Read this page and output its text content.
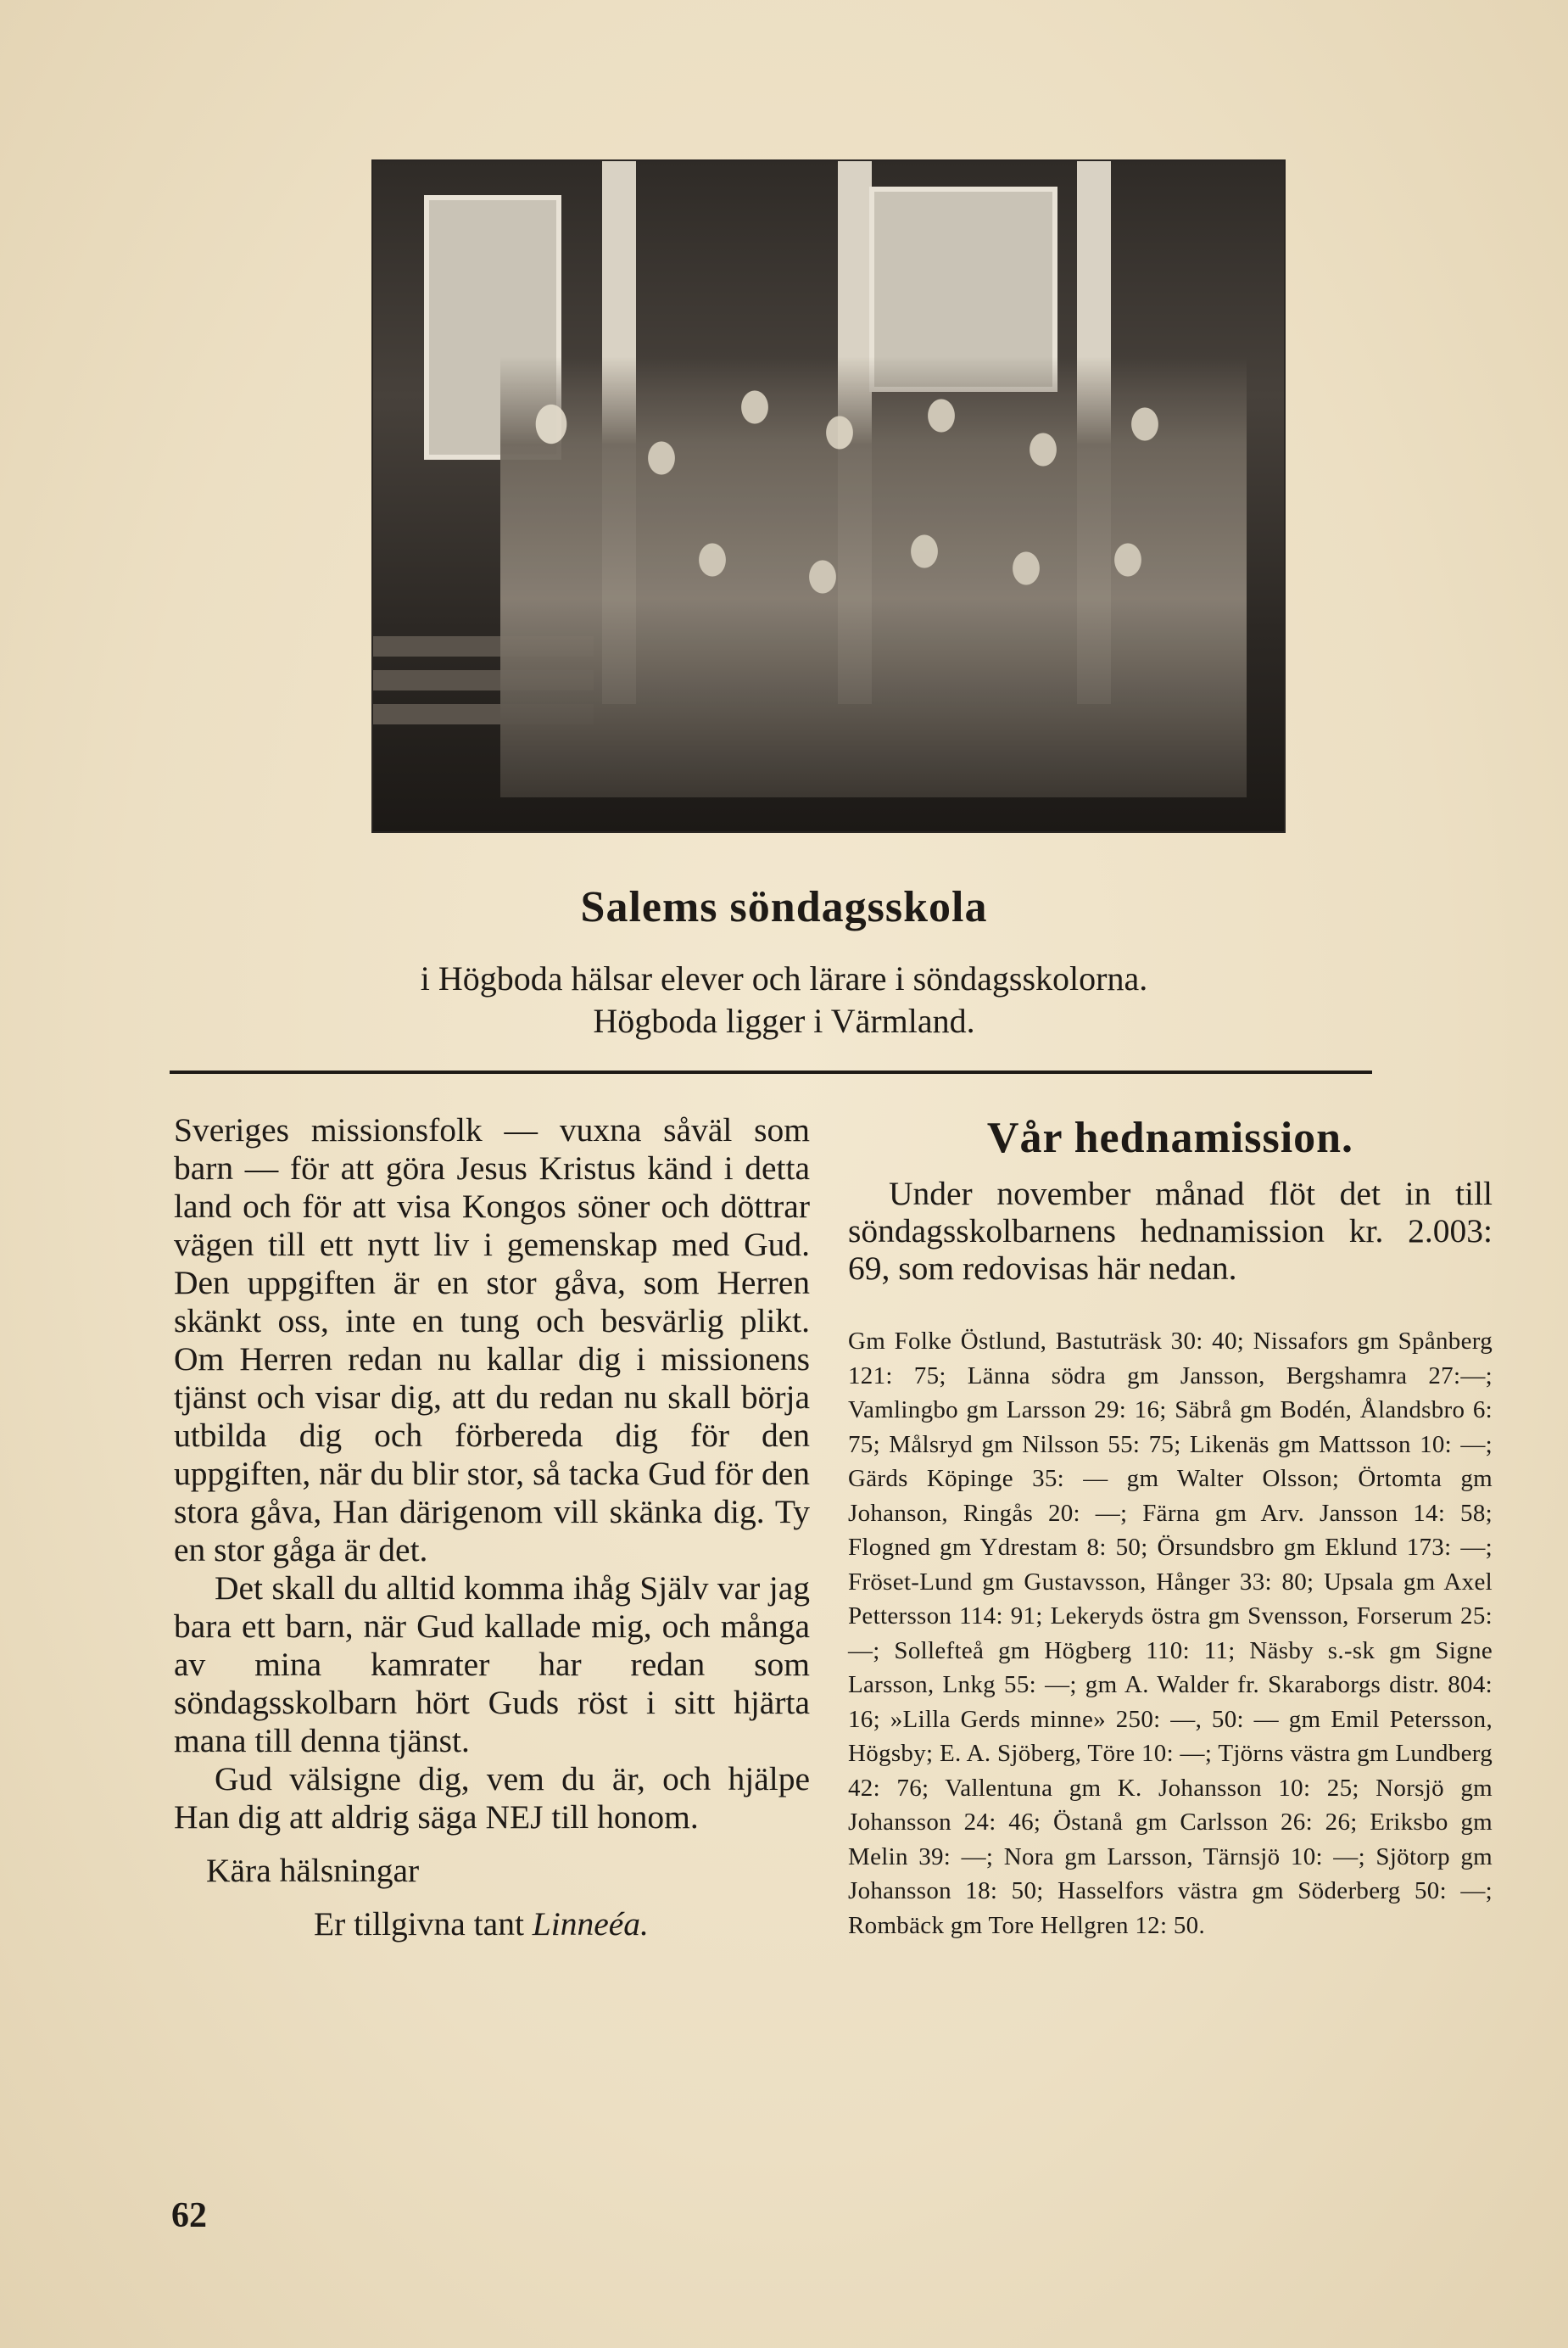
Salems söndagsskola
i Högboda hälsar elever och lärare i söndagsskolorna.
Högboda ligger i Värmland.

Sveriges missionsfolk — vuxna såväl som barn — för att göra Jesus Kristus känd i detta land och för att visa Kongos söner och döttrar vägen till ett nytt liv i gemenskap med Gud. Den uppgiften är en stor gåva, som Herren skänkt oss, inte en tung och besvärlig plikt. Om Herren redan nu kallar dig i missionens tjänst och visar dig, att du redan nu skall börja utbilda dig och förbereda dig för den uppgiften, när du blir stor, så tacka Gud för den stora gåva, Han därigenom vill skänka dig. Ty en stor gåga är det.

Det skall du alltid komma ihåg Själv var jag bara ett barn, när Gud kallade mig, och många av mina kamrater har redan som söndagsskolbarn hört Guds röst i sitt hjärta mana till denna tjänst.

Gud välsigne dig, vem du är, och hjälpe Han dig att aldrig säga NEJ till honom.

Kära hälsningar

Er tillgivna tant Linneéa.

Vår hednamission.

Under november månad flöt det in till söndagsskolbarnens hednamission kr. 2.003: 69, som redovisas här nedan.

Gm Folke Östlund, Bastuträsk 30: 40; Nissafors gm Spånberg 121: 75; Länna södra gm Jansson, Bergshamra 27:—; Vamlingbo gm Larsson 29: 16; Säbrå gm Bodén, Ålandsbro 6: 75; Målsryd gm Nilsson 55: 75; Likenäs gm Mattsson 10: —; Gärds Köpinge 35: — gm Walter Olsson; Örtomta gm Johanson, Ringås 20: —; Färna gm Arv. Jansson 14: 58; Flogned gm Ydrestam 8: 50; Örsundsbro gm Eklund 173: —; Fröset-Lund gm Gustavsson, Hånger 33: 80; Upsala gm Axel Pettersson 114: 91; Lekeryds östra gm Svensson, Forserum 25: —; Sollefteå gm Högberg 110: 11; Näsby s.-sk gm Signe Larsson, Lnkg 55: —; gm A. Walder fr. Skaraborgs distr. 804: 16; »Lilla Gerds minne» 250: —, 50: — gm Emil Petersson, Högsby; E. A. Sjöberg, Töre 10: —; Tjörns västra gm Lundberg 42: 76; Vallentuna gm K. Johansson 10: 25; Norsjö gm Johansson 24: 46; Östanå gm Carlsson 26: 26; Eriksbo gm Melin 39: —; Nora gm Larsson, Tärnsjö 10: —; Sjötorp gm Johansson 18: 50; Hasselfors västra gm Söderberg 50: —; Rombäck gm Tore Hellgren 12: 50.
62
